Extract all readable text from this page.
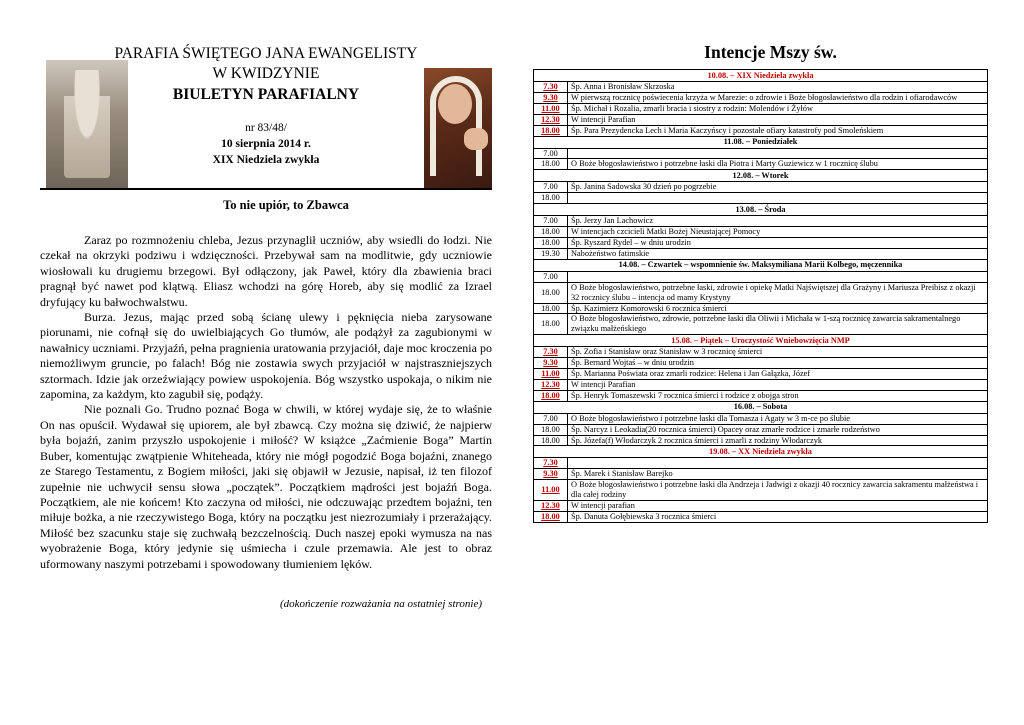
PARAFIA ŚWIĘTEGO JANA EWANGELISTY
W KWIDZYNIE
BIULETYN PARAFIALNY
nr 83/48/
10 sierpnia 2014 r.
XIX Niedziela zwykła
To nie upiór, to Zbawca

Zaraz po rozmnożeniu chleba, Jezus przynaglił uczniów, aby wsiedli do łodzi. Nie czekał na okrzyki podziwu i wdzięczności. Przebywał sam na modlitwie, gdy uczniowie wiosłowali ku drugiemu brzegowi. Był odłączony, jak Paweł, który dla zbawienia braci pragnął być nawet pod klątwą. Eliasz wchodzi na górę Horeb, aby się modlić za Izrael dryfujący ku bałwochwalstwu.

Burza. Jezus, mając przed sobą ścianę ulewy i pęknięcia nieba zarysowane piorunami, nie cofnął się do uwielbiających Go tłumów, ale podążył za zagubionymi w nawałnicy uczniami. Przyjaźń, pełna pragnienia uratowania przyjaciół, daje moc kroczenia po niemożliwym gruncie, po falach! Bóg nie zostawia swych przyjaciół w najstraszniejszych sztormach. Idzie jak orzeźwiający powiew uspokojenia. Bóg wszystko uspokaja, o nikim nie zapomina, za każdym, kto zagubił się, podąży.

Nie poznali Go. Trudno poznać Boga w chwili, w której wydaje się, że to właśnie On nas opuścił. Wydawał się upiorem, ale był zbawcą. Czy można się dziwić, że najpierw była bojaźń, zanim przyszło uspokojenie i miłość? W książce „Zaćmienie Boga” Martin Buber, komentując zwątpienie Whiteheada, który nie mógł pogodzić Boga bojaźni, znanego ze Starego Testamentu, z Bogiem miłości, jaki się objawił w Jezusie, napisał, iż ten filozof zupełnie nie uchwycił sensu słowa „początek”. Początkiem mądrości jest bojaźń Boga. Początkiem, ale nie końcem! Kto zaczyna od miłości, nie odczuwając przedtem bojaźni, ten miłuje bożka, a nie rzeczywistego Boga, który na początku jest niezrozumiały i przerażający. Miłość bez szacunku staje się zuchwałą bezczelnością. Duch naszej epoki wymusza na nas wyobrażenie Boga, który jedynie się uśmiecha i czule przemawia. Ale jest to obraz uformowany naszymi potrzebami i spowodowany tłumieniem lęków.

(dokończenie rozważania na ostatniej stronie)
Intencje Mszy św.
10.08. – XIX Niedziela zwykła	
7.30	Śp. Anna i Bronisław Skrzoska
9.30	W pierwszą rocznicę poświecenia krzyża w Marezie: o zdrowie i Boże błogosławieństwo dla rodzin i ofiarodawców
11.00	Śp. Michał i Rozalia, zmarli bracia i siostry z rodzin: Molendów i Żyłów
12.30	W intencji Parafian
18.00	Śp. Para Prezydencka Lech i Maria Kaczyńscy i pozostałe ofiary katastrofy pod Smoleńskiem
11.08. – Poniedziałek	
7.00	
18.00	O Boże błogosławieństwo i potrzebne łaski dla Piotra i Marty Guziewicz w 1 rocznicę ślubu
12.08. – Wtorek	
7.00	Śp. Janina Sadowska 30 dzień po pogrzebie
18.00	
13.08. – Środa	
7.00	Śp. Jerzy Jan Lachowicz
18.00	W intencjach czcicieli Matki Bożej Nieustającej Pomocy
18.00	Śp. Ryszard Rydel – w dniu urodzin
19.30	Nabożeństwo fatimskie
14.08. – Czwartek – wspomnienie św. Maksymiliana Marii Kolbego, męczennika	
7.00	
18.00	O Boże błogosławieństwo, potrzebne łaski, zdrowie i opiekę Matki Najświętszej dla Grażyny i Mariusza Preibisz z okazji 32 rocznicy ślubu – intencja od mamy Krystyny
18.00	Śp. Kazimierz Komorowski 6 rocznica śmierci
18.00	O Boże błogosławieństwo, zdrowie, potrzebne łaski dla Oliwii i Michała w 1-szą rocznicę zawarcia sakramentalnego związku małżeńskiego
15.08. – Piątek – Uroczystość Wniebowzięcia NMP	
7.30	Śp. Zofia i Stanisław oraz Stanisław w 3 rocznicę śmierci
9.30	Śp. Bernard Wojtaś – w dniu urodzin
11.00	Śp. Marianna Poświata oraz zmarli rodzice: Helena i Jan Gałązka, Józef
12.30	W intencji Parafian
18.00	Śp. Henryk Tomaszewski 7 rocznica śmierci i rodzice z obojga stron
16.08. – Sobota	
7.00	O Boże błogosławieństwo i potrzebne łaski dla Tomasza i Agaty w 3 m-ce po ślubie
18.00	Śp. Narcyz i Leokadia(20 rocznica śmierci) Opacey oraz zmarłe rodzice i zmarłe rodzeństwo
18.00	Śp. Józefa(f) Włodarczyk 2 rocznica śmierci i zmarli z rodziny Włodarczyk
19.08. – XX Niedziela zwykła	
7.30	
9.30	Śp. Marek i Stanisław Barejko
11.00	O Boże błogosławieństwo i potrzebne łaski dla Andrzeja i Jadwigi z okazji 40 rocznicy zawarcia sakramentu małżeństwa i dla całej rodziny
12.30	W intencji parafian
18.00	Śp. Danuta Gołębiewska 3 rocznica śmierci
